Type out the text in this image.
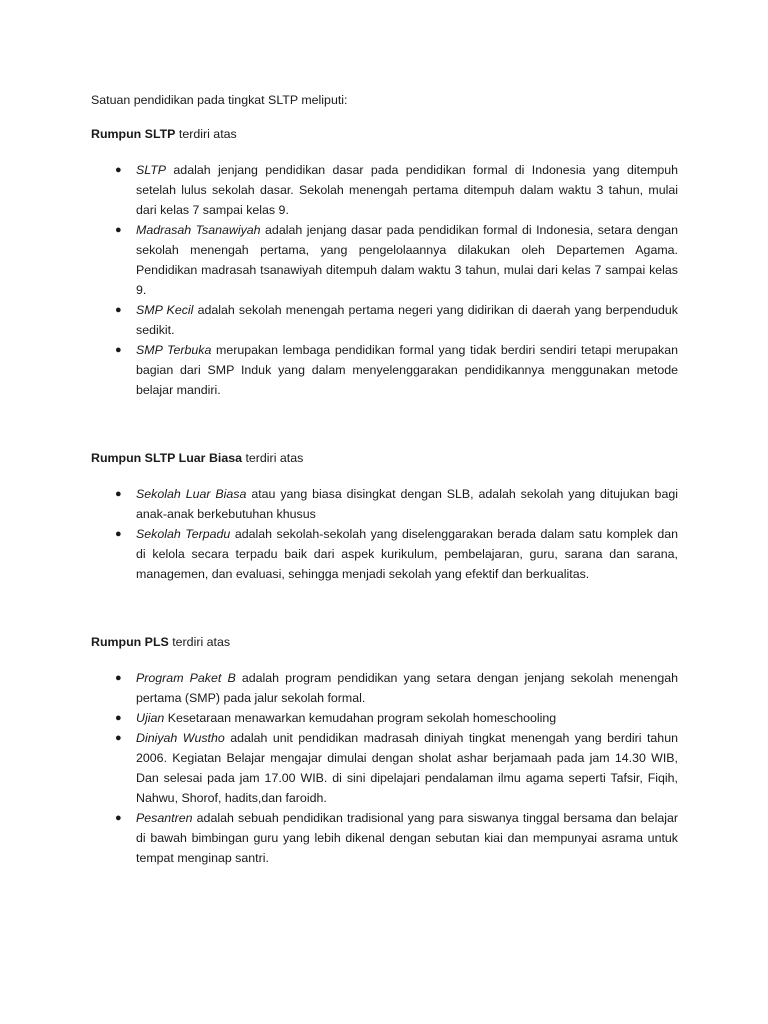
Satuan pendidikan pada tingkat SLTP meliputi:

Rumpun SLTP terdiri atas

● SLTP adalah jenjang pendidikan dasar pada pendidikan formal di Indonesia yang ditempuh setelah lulus sekolah dasar. Sekolah menengah pertama ditempuh dalam waktu 3 tahun, mulai dari kelas 7 sampai kelas 9.
● Madrasah Tsanawiyah adalah jenjang dasar pada pendidikan formal di Indonesia, setara dengan sekolah menengah pertama, yang pengelolaannya dilakukan oleh Departemen Agama. Pendidikan madrasah tsanawiyah ditempuh dalam waktu 3 tahun, mulai dari kelas 7 sampai kelas 9.
● SMP Kecil adalah sekolah menengah pertama negeri yang didirikan di daerah yang berpenduduk sedikit.
● SMP Terbuka merupakan lembaga pendidikan formal yang tidak berdiri sendiri tetapi merupakan bagian dari SMP Induk yang dalam menyelenggarakan pendidikannya menggunakan metode belajar mandiri.

Rumpun SLTP Luar Biasa terdiri atas

● Sekolah Luar Biasa atau yang biasa disingkat dengan SLB, adalah sekolah yang ditujukan bagi anak-anak berkebutuhan khusus
● Sekolah Terpadu adalah sekolah-sekolah yang diselenggarakan berada dalam satu komplek dan di kelola secara terpadu baik dari aspek kurikulum, pembelajaran, guru, sarana dan sarana, managemen, dan evaluasi, sehingga menjadi sekolah yang efektif dan berkualitas.

Rumpun PLS terdiri atas

● Program Paket B adalah program pendidikan yang setara dengan jenjang sekolah menengah pertama (SMP) pada jalur sekolah formal.
● Ujian Kesetaraan menawarkan kemudahan program sekolah homeschooling
● Diniyah Wustho adalah unit pendidikan madrasah diniyah tingkat menengah yang berdiri tahun 2006. Kegiatan Belajar mengajar dimulai dengan sholat ashar berjamaah pada jam 14.30 WIB, Dan selesai pada jam 17.00 WIB. di sini dipelajari pendalaman ilmu agama seperti Tafsir, Fiqih, Nahwu, Shorof, hadits,dan faroidh.
● Pesantren adalah sebuah pendidikan tradisional yang para siswanya tinggal bersama dan belajar di bawah bimbingan guru yang lebih dikenal dengan sebutan kiai dan mempunyai asrama untuk tempat menginap santri.
